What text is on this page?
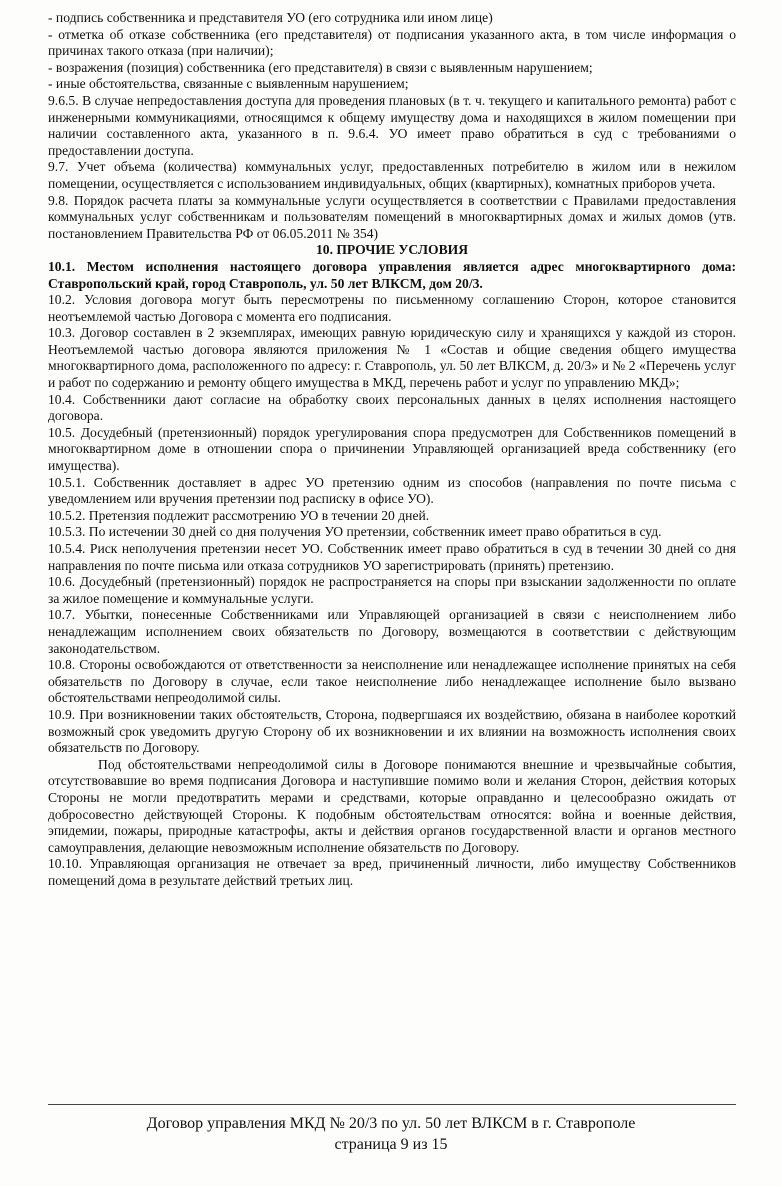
- подпись собственника и представителя УО (его сотрудника или ином лице)

- отметка об отказе собственника (его представителя) от подписания указанного акта, в том числе информация о причинах такого отказа (при наличии);

- возражения (позиция) собственника (его представителя) в связи с выявленным нарушением;

- иные обстоятельства, связанные с выявленным нарушением;

9.6.5. В случае непредоставления доступа для проведения плановых (в т. ч. текущего и капитального ремонта) работ с инженерными коммуникациями, относящимся к общему имуществу дома и находящихся в жилом помещении при наличии составленного акта, указанного в п. 9.6.4. УО имеет право обратиться в суд с требованиями о предоставлении доступа.

9.7. Учет объема (количества) коммунальных услуг, предоставленных потребителю в жилом или в нежилом помещении, осуществляется с использованием индивидуальных, общих (квартирных), комнатных приборов учета.

9.8. Порядок расчета платы за коммунальные услуги осуществляется в соответствии с Правилами предоставления коммунальных услуг собственникам и пользователям помещений в многоквартирных домах и жилых домов (утв. постановлением Правительства РФ от 06.05.2011 № 354)

10. ПРОЧИЕ УСЛОВИЯ

10.1. Местом исполнения настоящего договора управления является адрес многоквартирного дома: Ставропольский край, город Ставрополь, ул. 50 лет ВЛКСМ, дом 20/3.

10.2. Условия договора могут быть пересмотрены по письменному соглашению Сторон, которое становится неотъемлемой частью Договора с момента его подписания.

10.3. Договор составлен в 2 экземплярах, имеющих равную юридическую силу и хранящихся у каждой из сторон. Неотъемлемой частью договора являются приложения № 1 «Состав и общие сведения общего имущества многоквартирного дома, расположенного по адресу: г. Ставрополь, ул. 50 лет ВЛКСМ, д. 20/3» и № 2 «Перечень услуг и работ по содержанию и ремонту общего имущества в МКД, перечень работ и услуг по управлению МКД»;

10.4. Собственники дают согласие на обработку своих персональных данных в целях исполнения настоящего договора.

10.5. Досудебный (претензионный) порядок урегулирования спора предусмотрен для Собственников помещений в многоквартирном доме в отношении спора о причинении Управляющей организацией вреда собственнику (его имущества).

10.5.1. Собственник доставляет в адрес УО претензию одним из способов (направления по почте письма с уведомлением или вручения претензии под расписку в офисе УО).

10.5.2. Претензия подлежит рассмотрению УО в течении 20 дней.

10.5.3. По истечении 30 дней со дня получения УО претензии, собственник имеет право обратиться в суд.

10.5.4. Риск неполучения претензии несет УО. Собственник имеет право обратиться в суд в течении 30 дней со дня направления по почте письма или отказа сотрудников УО зарегистрировать (принять) претензию.

10.6. Досудебный (претензионный) порядок не распространяется на споры при взыскании задолженности по оплате за жилое помещение и коммунальные услуги.

10.7. Убытки, понесенные Собственниками или Управляющей организацией в связи с неисполнением либо ненадлежащим исполнением своих обязательств по Договору, возмещаются в соответствии с действующим законодательством.

10.8. Стороны освобождаются от ответственности за неисполнение или ненадлежащее исполнение принятых на себя обязательств по Договору в случае, если такое неисполнение либо ненадлежащее исполнение было вызвано обстоятельствами непреодолимой силы.

10.9. При возникновении таких обстоятельств, Сторона, подвергшаяся их воздействию, обязана в наиболее короткий возможный срок уведомить другую Сторону об их возникновении и их влиянии на возможность исполнения своих обязательств по Договору.

Под обстоятельствами непреодолимой силы в Договоре понимаются внешние и чрезвычайные события, отсутствовавшие во время подписания Договора и наступившие помимо воли и желания Сторон, действия которых Стороны не могли предотвратить мерами и средствами, которые оправданно и целесообразно ожидать от добросовестно действующей Стороны. К подобным обстоятельствам относятся: война и военные действия, эпидемии, пожары, природные катастрофы, акты и действия органов государственной власти и органов местного самоуправления, делающие невозможным исполнение обязательств по Договору.

10.10. Управляющая организация не отвечает за вред, причиненный личности, либо имуществу Собственников помещений дома в результате действий третьих лиц.

Договор управления МКД № 20/3 по ул. 50 лет ВЛКСМ в г. Ставрополе
страница 9 из 15
